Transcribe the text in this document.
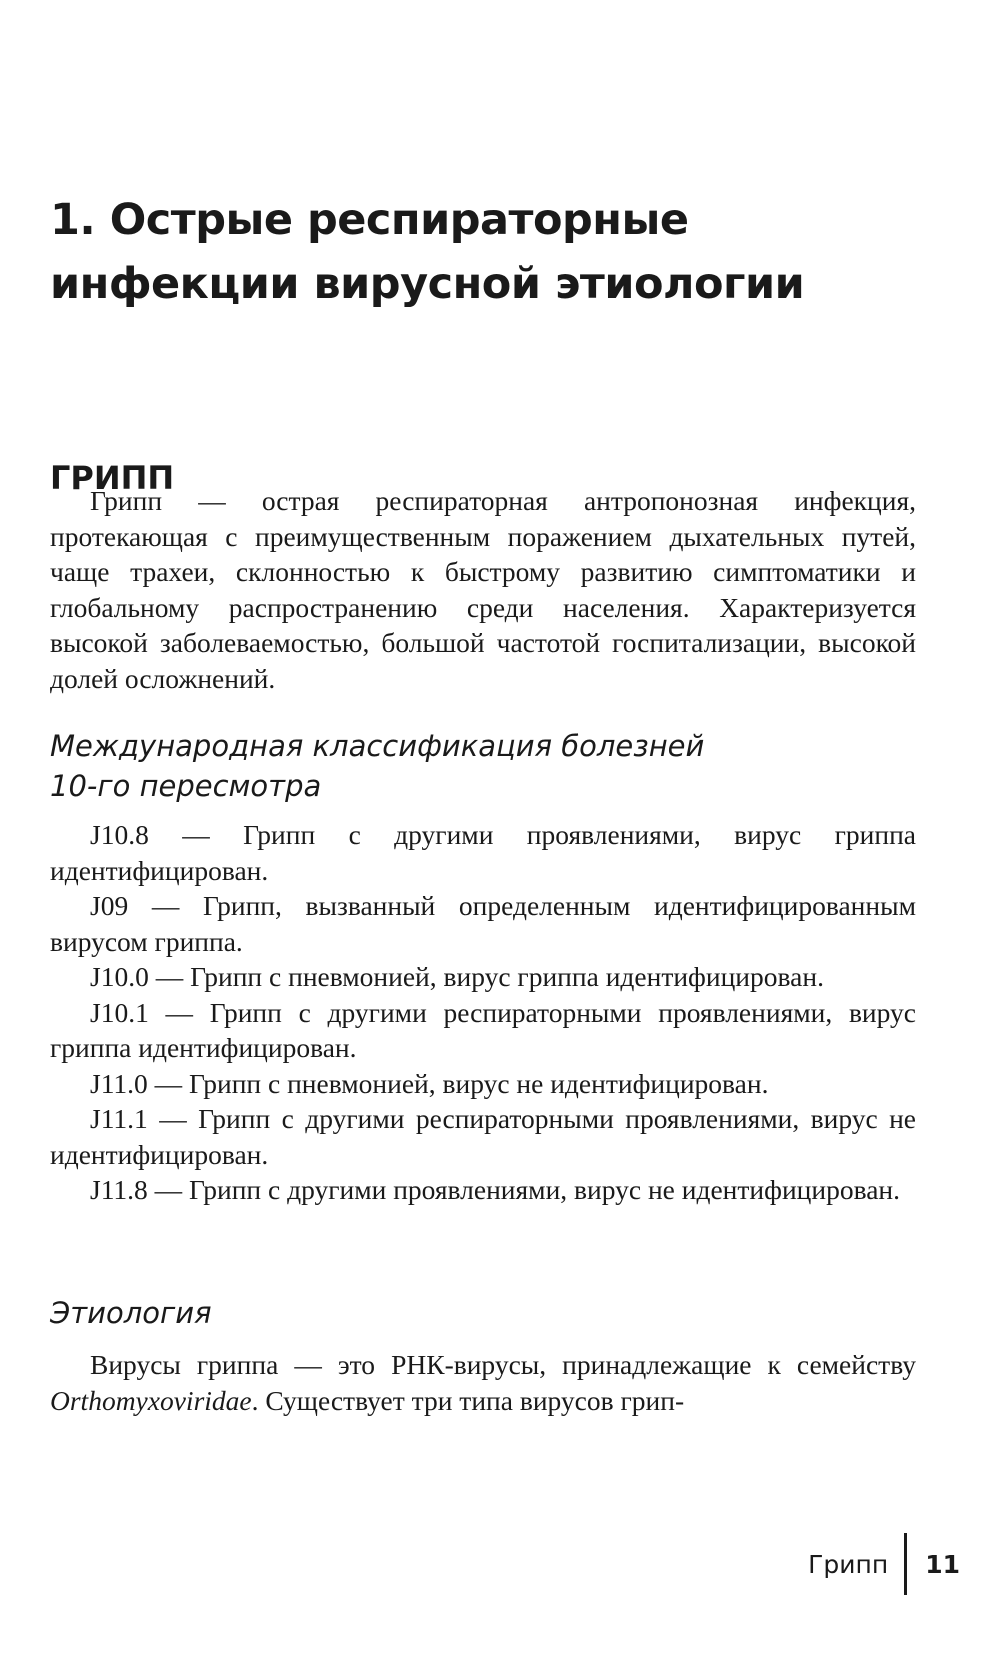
1. Острые респираторные
инфекции вирусной этиологии
ГРИПП

Грипп — острая респираторная антропонозная инфекция, протекающая с преимущественным поражением дыхательных путей, чаще трахеи, склонностью к быстрому развитию симптоматики и глобальному распространению среди населения. Характеризуется высокой заболеваемостью, большой частотой госпитализации, высокой долей осложнений.

Международная классификация болезней
10-го пересмотра

J10.8 — Грипп с другими проявлениями, вирус гриппа идентифицирован.

J09 — Грипп, вызванный определенным идентифицированным вирусом гриппа.

J10.0 — Грипп с пневмонией, вирус гриппа идентифицирован.

J10.1 — Грипп с другими респираторными проявлениями, вирус гриппа идентифицирован.

J11.0 — Грипп с пневмонией, вирус не идентифицирован.

J11.1 — Грипп с другими респираторными проявлениями, вирус не идентифицирован.

J11.8 — Грипп с другими проявлениями, вирус не идентифицирован.

Этиология

Вирусы гриппа — это РНК-вирусы, принадлежащие к семейству Orthomyxoviridae. Существует три типа вирусов грип-

Грипп 11
